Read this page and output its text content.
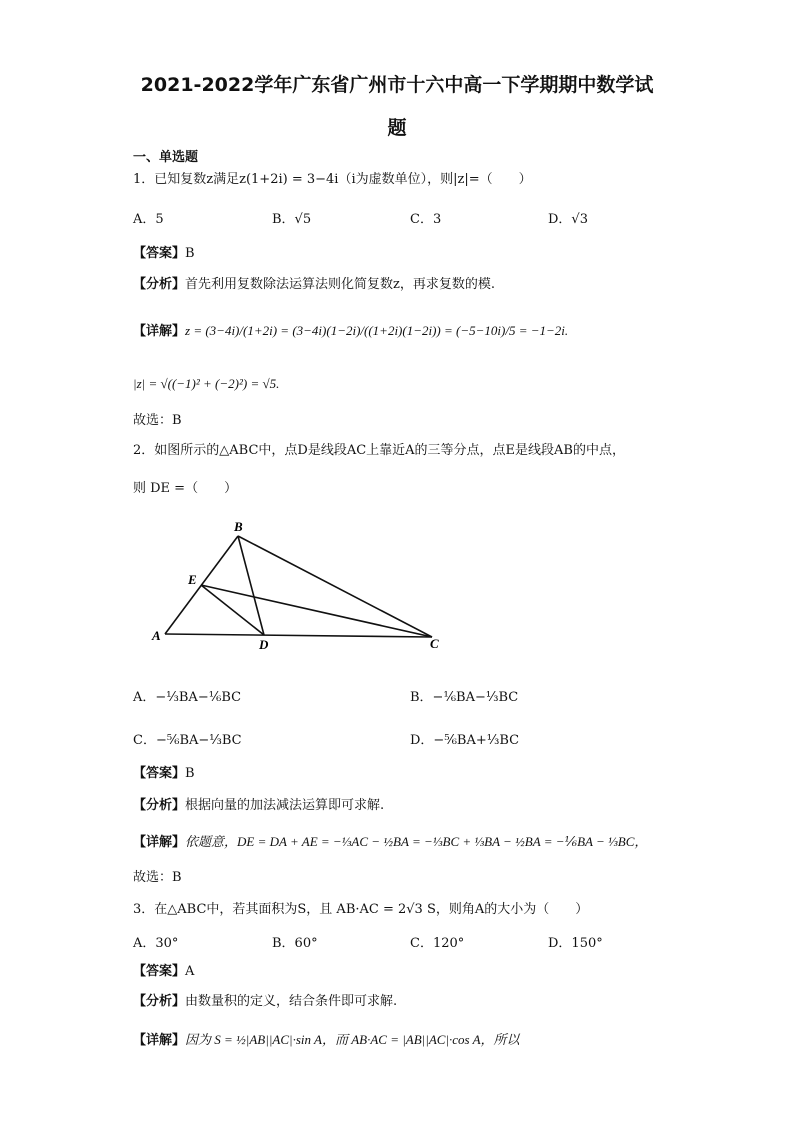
2021-2022学年广东省广州市十六中高一下学期期中数学试
题
一、单选题
1．已知复数z满足z(1+2i) = 3−4i（i为虚数单位），则|z|=（　　）
A．5	B．√5	C．3	D．√3
【答案】B
【分析】首先利用复数除法运算法则化简复数z，再求复数的模.
【详解】z = (3−4i)/(1+2i) = (3−4i)(1−2i)/((1+2i)(1−2i)) = (−5−10i)/5 = −1−2i.
|z| = √((−1)² + (−2)²) = √5.
故选：B
2．如图所示的△ABC中，点D是线段AC上靠近A的三等分点，点E是线段AB的中点，
则 DE =（　　）
A
B
C
D
E
A．−⅓BA−⅙BC	B．−⅙BA−⅓BC
C．−⅚BA−⅓BC	D．−⅚BA+⅓BC
【答案】B
【分析】根据向量的加法减法运算即可求解.
【详解】依题意，DE = DA + AE = −⅓AC − ½BA = −⅓BC + ⅓BA − ½BA = −⅙BA − ⅓BC，
故选：B
3．在△ABC中，若其面积为S，且 AB·AC = 2√3 S，则角A的大小为（　　）
A．30°	B．60°	C．120°	D．150°
【答案】A
【分析】由数量积的定义，结合条件即可求解.
【详解】因为 S = ½|AB||AC|·sin A，而 AB·AC = |AB||AC|·cos A，所以
